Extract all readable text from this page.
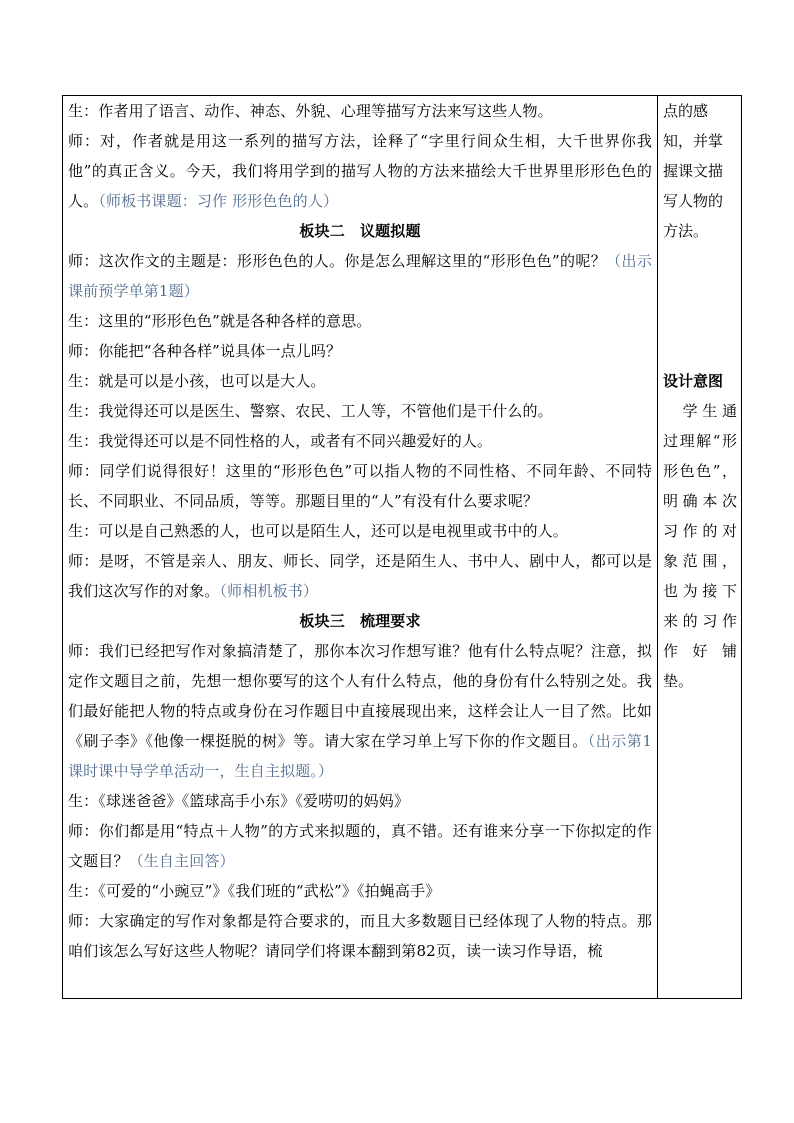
生：作者用了语言、动作、神态、外貌、心理等描写方法来写这些人物。

师：对，作者就是用这一系列的描写方法，诠释了“字里行间众生相，大千世界你我他”的真正含义。今天，我们将用学到的描写人物的方法来描绘大千世界里形形色色的人。（师板书课题：习作 形形色色的人）

板块二　议题拟题

师：这次作文的主题是：形形色色的人。你是怎么理解这里的“形形色色”的呢？（出示课前预学单第1题）

生：这里的“形形色色”就是各种各样的意思。

师：你能把“各种各样”说具体一点儿吗？

生：就是可以是小孩，也可以是大人。

生：我觉得还可以是医生、警察、农民、工人等，不管他们是干什么的。

生：我觉得还可以是不同性格的人，或者有不同兴趣爱好的人。

师：同学们说得很好！这里的“形形色色”可以指人物的不同性格、不同年龄、不同特长、不同职业、不同品质，等等。那题目里的“人”有没有什么要求呢？

生：可以是自己熟悉的人，也可以是陌生人，还可以是电视里或书中的人。

师：是呀，不管是亲人、朋友、师长、同学，还是陌生人、书中人、剧中人，都可以是我们这次写作的对象。（师相机板书）

板块三　梳理要求

师：我们已经把写作对象搞清楚了，那你本次习作想写谁？他有什么特点呢？注意，拟定作文题目之前，先想一想你要写的这个人有什么特点，他的身份有什么特别之处。我们最好能把人物的特点或身份在习作题目中直接展现出来，这样会让人一目了然。比如《刷子李》《他像一棵挺脱的树》等。请大家在学习单上写下你的作文题目。（出示第1课时课中导学单活动一，生自主拟题。）

生：《球迷爸爸》《篮球高手小东》《爱唠叨的妈妈》

师：你们都是用“特点＋人物”的方式来拟题的，真不错。还有谁来分享一下你拟定的作文题目？（生自主回答）

生：《可爱的“小豌豆”》《我们班的“武松”》《拍蝇高手》

师：大家确定的写作对象都是符合要求的，而且大多数题目已经体现了人物的特点。那咱们该怎么写好这些人物呢？请同学们将课本翻到第82页，读一读习作导语，梳

点的感
知，并掌
握课文描
写人物的
方法。
设计意图

　学生通过理解“形形色色”，明确本次习作的对象范围，也为接下来的习作作好铺垫。
